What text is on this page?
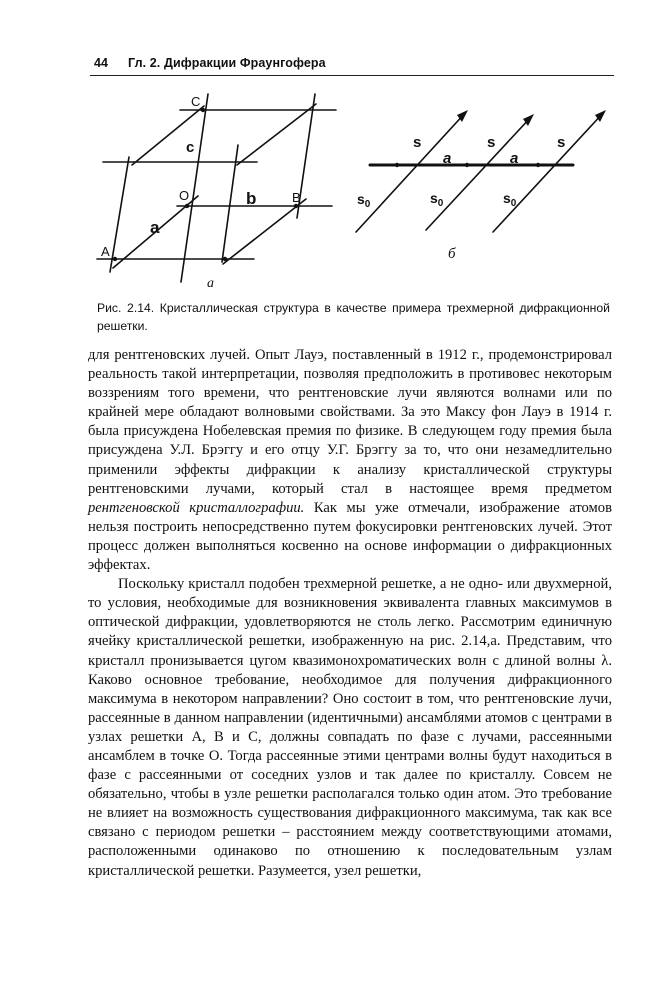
44 Гл. 2. Дифракции Фраунгофера
C
c
O	b	B
a
A
a
s	s	s
a	a
$s_0$	$s_0$	$s_0$
б
Рис. 2.14. Кристаллическая структура в качестве примера трехмерной дифракционной решетки.

для рентгеновских лучей. Опыт Лауэ, поставленный в 1912 г., продемонстрировал реальность такой интерпретации, позволяя предположить в противовес некоторым воззрениям того времени, что рентгеновские лучи являются волнами или по крайней мере обладают волновыми свойствами. За это Максу фон Лауэ в 1914 г. была присуждена Нобелевская премия по физике. В следующем году премия была присуждена У.Л. Брэггу и его отцу У.Г. Брэггу за то, что они незамедлительно применили эффекты дифракции к анализу кристаллической структуры рентгеновскими лучами, который стал в настоящее время предметом рентгеновской кристаллографии. Как мы уже отмечали, изображение атомов нельзя построить непосредственно путем фокусировки рентгеновских лучей. Этот процесс должен выполняться косвенно на основе информации о дифракционных эффектах.

Поскольку кристалл подобен трехмерной решетке, а не одно- или двухмерной, то условия, необходимые для возникновения эквивалента главных максимумов в оптической дифракции, удовлетворяются не столь легко. Рассмотрим единичную ячейку кристаллической решетки, изображенную на рис. 2.14,а. Представим, что кристалл пронизывается цугом квазимонохроматических волн с длиной волны λ. Каково основное требование, необходимое для получения дифракционного максимума в некотором направлении? Оно состоит в том, что рентгеновские лучи, рассеянные в данном направлении (идентичными) ансамблями атомов с центрами в узлах решетки А, В и С, должны совпадать по фазе с лучами, рассеянными ансамблем в точке О. Тогда рассеянные этими центрами волны будут находиться в фазе с рассеянными от соседних узлов и так далее по кристаллу. Совсем не обязательно, чтобы в узле решетки располагался только один атом. Это требование не влияет на возможность существования дифракционного максимума, так как все связано с периодом решетки – расстоянием между соответствующими атомами, расположенными одинаково по отношению к последовательным узлам кристаллической решетки. Разумеется, узел решетки,
